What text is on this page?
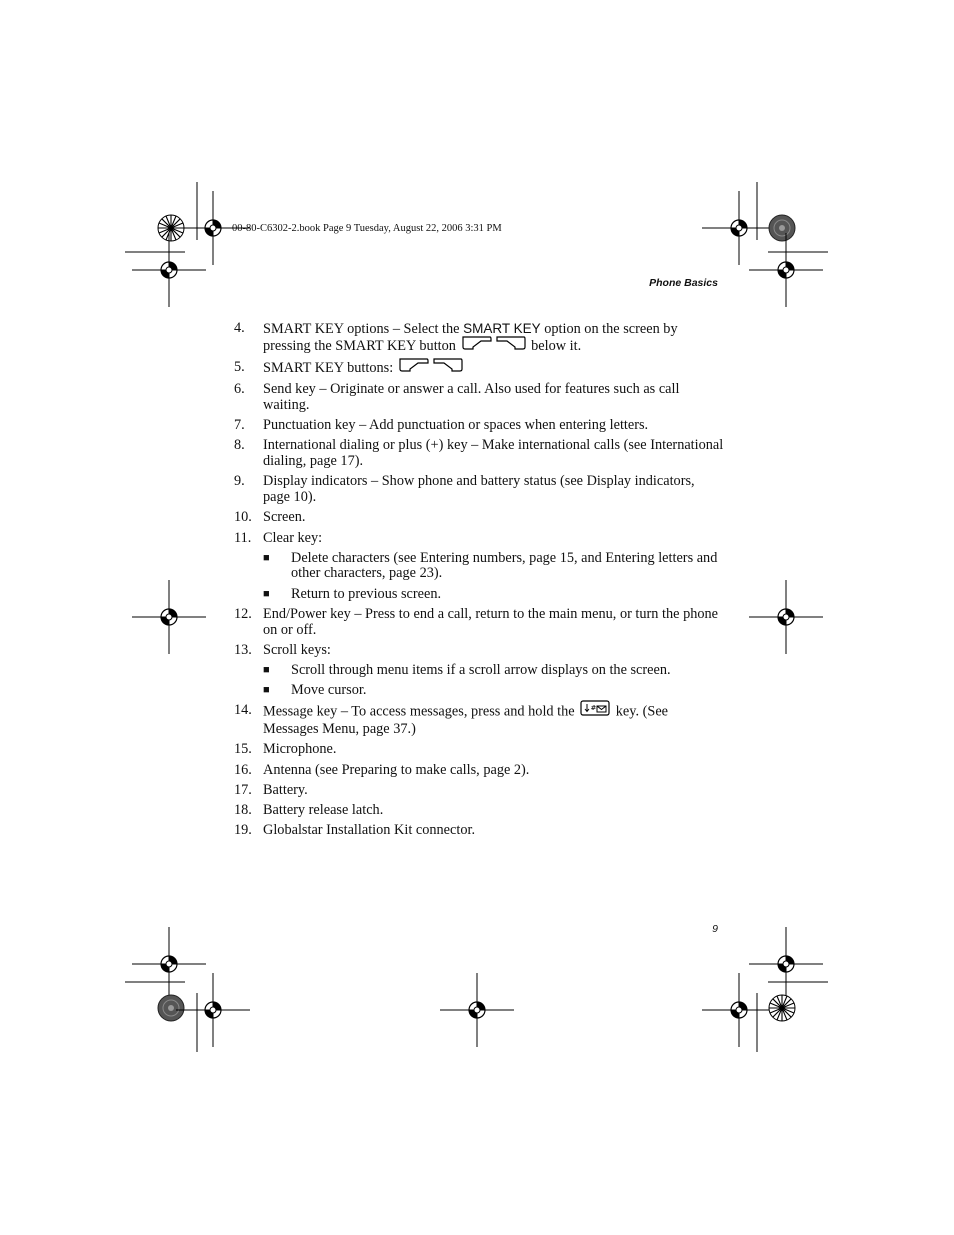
00-80-C6302-2.book Page 9 Tuesday, August 22, 2006 3:31 PM
Phone Basics
4.	SMART KEY options – Select the SMART KEY option on the screen by pressing the SMART KEY button	below it.
5.	SMART KEY buttons:
6.	Send key – Originate or answer a call. Also used for features such as call waiting.
7.	Punctuation key – Add punctuation or spaces when entering letters.
8.	International dialing or plus (+) key – Make international calls (see International dialing, page 17).
9.	Display indicators – Show phone and battery status (see Display indicators, page 10).
10. Screen.
11. Clear key:
■	Delete characters (see Entering numbers, page 15, and Entering letters and other characters, page 23).
■	Return to previous screen.
12. End/Power key – Press to end a call, return to the main menu, or turn the phone on or off.
13. Scroll keys:
■	Scroll through menu items if a scroll arrow displays on the screen.
■	Move cursor.
14. Message key – To access messages, press and hold the # key. (See Messages Menu, page 37.)
15. Microphone.
16. Antenna (see Preparing to make calls, page 2).
17. Battery.
18. Battery release latch.
19. Globalstar Installation Kit connector.
9
